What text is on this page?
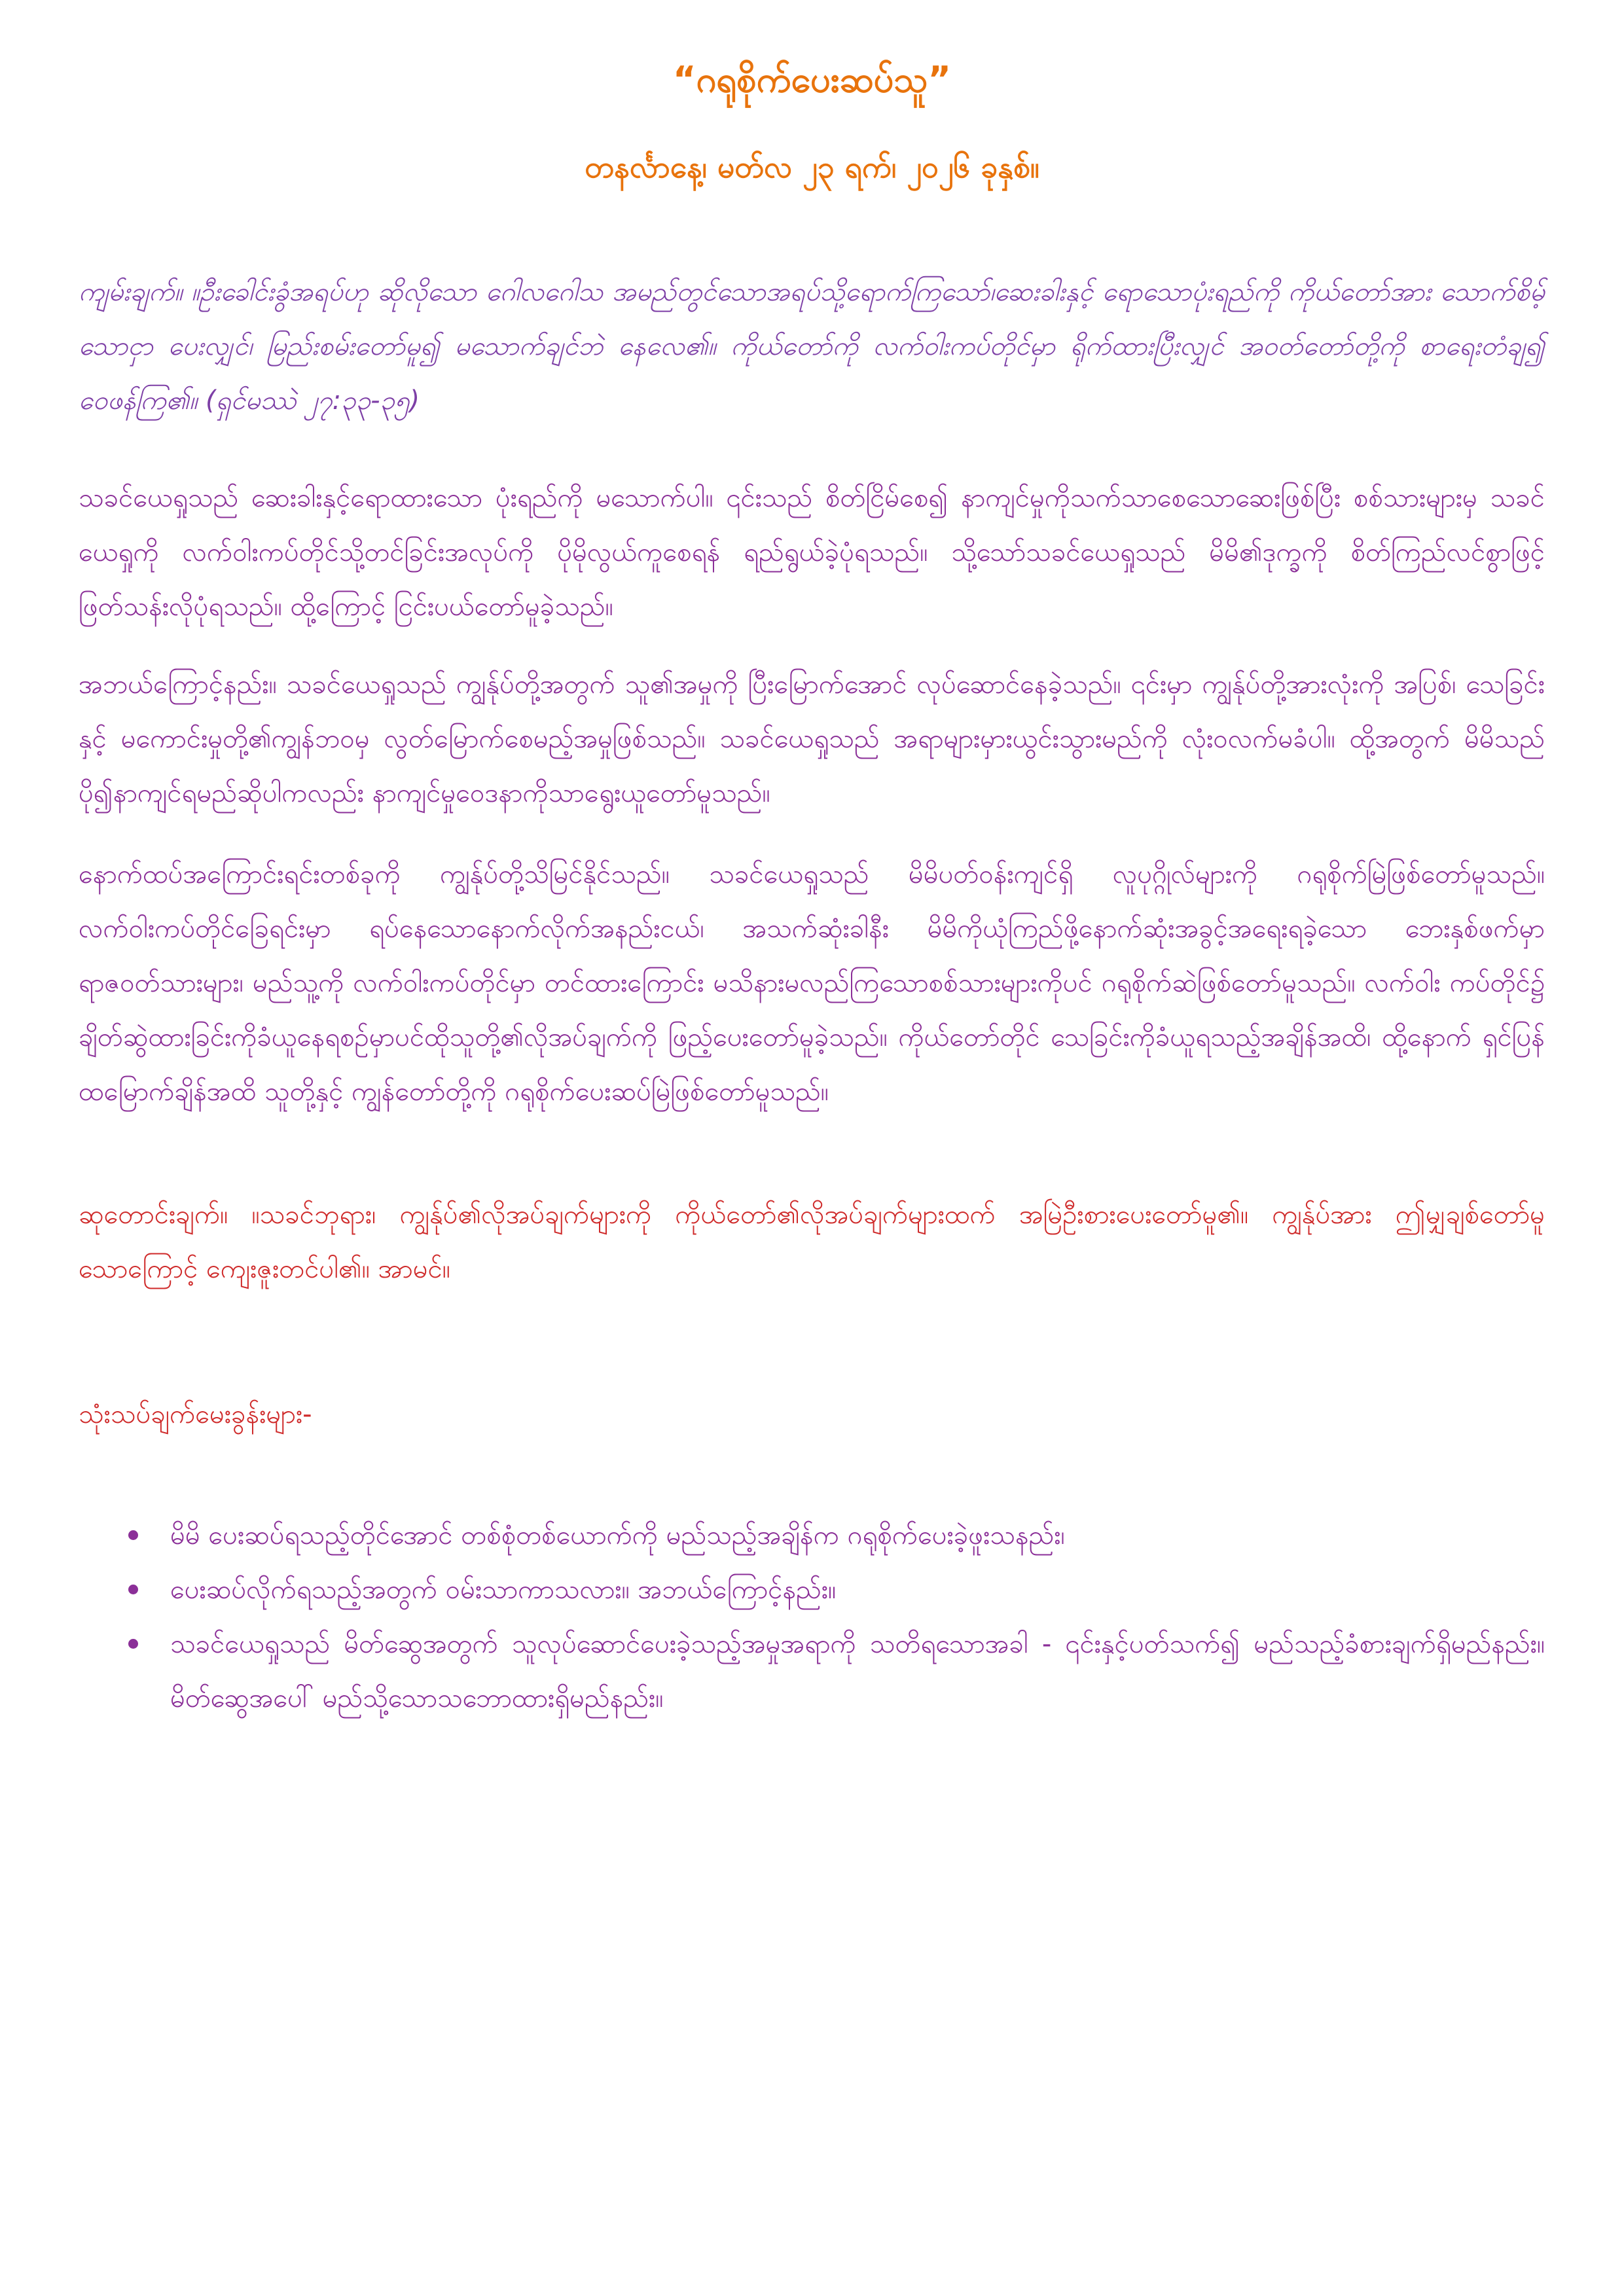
“ဂရုစိုက်ပေးဆပ်သူ”
တနင်္လာနေ့၊ မတ်လ ၂၃ ရက်၊ ၂၀၂၆ ခုနှစ်။

ကျမ်းချက်။ ။ဦးခေါင်းခွံအရပ်ဟု ဆိုလိုသော ဂေါလဂေါသ အမည်တွင်သောအရပ်သို့ရောက်ကြသော်၊ဆေးခါးနှင့် ရောသောပုံးရည်ကို ကိုယ်တော်အား သောက်စိမ့်သောငှာ ပေးလျှင်၊ မြည်းစမ်းတော်မူ၍ မသောက်ချင်ဘဲ နေလေ၏။ ကိုယ်တော်ကို လက်ဝါးကပ်တိုင်မှာ ရိုက်ထားပြီးလျှင် အဝတ်တော်တို့ကို စာရေးတံချ၍ ဝေဖန်ကြ၏။ (ရှင်မဿဲ ၂၇:၃၃-၃၅)

သခင်ယေရှုသည် ဆေးခါးနှင့်ရောထားသော ပုံးရည်ကို မသောက်ပါ။ ၎င်းသည် စိတ်ငြိမ်စေ၍ နာကျင်မှုကိုသက်သာစေသောဆေးဖြစ်ပြီး စစ်သားများမှ သခင်ယေရှုကို လက်ဝါးကပ်တိုင်သို့တင်ခြင်းအလုပ်ကို ပိုမိုလွယ်ကူစေရန် ရည်ရွယ်ခဲ့ပုံရသည်။ သို့သော်သခင်ယေရှုသည် မိမိ၏ဒုက္ခကို စိတ်ကြည်လင်စွာဖြင့် ဖြတ်သန်းလိုပုံရသည်။ ထို့ကြောင့် ငြင်းပယ်တော်မူခဲ့သည်။

အဘယ်ကြောင့်နည်း။ သခင်ယေရှုသည် ကျွန်ုပ်တို့အတွက် သူ၏အမှုကို ပြီးမြောက်အောင် လုပ်ဆောင်နေခဲ့သည်။ ၎င်းမှာ ကျွန်ုပ်တို့အားလုံးကို အပြစ်၊ သေခြင်းနှင့် မကောင်းမှုတို့၏ကျွန်ဘဝမှ လွတ်မြောက်စေမည့်အမှုဖြစ်သည်။ သခင်ယေရှုသည် အရာများမှားယွင်းသွားမည်ကို လုံးဝလက်မခံပါ။ ထို့အတွက် မိမိသည် ပို၍နာကျင်ရမည်ဆိုပါကလည်း နာကျင်မှုဝေဒနာကိုသာရွေးယူတော်မူသည်။

နောက်ထပ်အကြောင်းရင်းတစ်ခုကို ကျွန်ုပ်တို့သိမြင်နိုင်သည်။ သခင်ယေရှုသည် မိမိပတ်ဝန်းကျင်ရှိ လူပုဂ္ဂိုလ်များကို ဂရုစိုက်မြဲဖြစ်တော်မူသည်။ လက်ဝါးကပ်တိုင်ခြေရင်းမှာ ရပ်နေသောနောက်လိုက်အနည်းငယ်၊ အသက်ဆုံးခါနီး မိမိကိုယုံကြည်ဖို့နောက်ဆုံးအခွင့်အရေးရခဲ့သော ဘေးနှစ်ဖက်မှာ ရာဇဝတ်သားများ၊ မည်သူ့ကို လက်ဝါးကပ်တိုင်မှာ တင်ထားကြောင်း မသိနားမလည်ကြသောစစ်သားများကိုပင် ဂရုစိုက်ဆဲဖြစ်တော်မူသည်။ လက်ဝါး ကပ်တိုင်၌ ချိတ်ဆွဲထားခြင်းကိုခံယူနေရစဉ်မှာပင်ထိုသူတို့၏လိုအပ်ချက်ကို ဖြည့်ပေးတော်မူခဲ့သည်။ ကိုယ်တော်တိုင် သေခြင်းကိုခံယူရသည့်အချိန်အထိ၊ ထို့နောက် ရှင်ပြန်ထမြောက်ချိန်အထိ သူတို့နှင့် ကျွန်တော်တို့ကို ဂရုစိုက်ပေးဆပ်မြဲဖြစ်တော်မူသည်။

ဆုတောင်းချက်။ ။သခင်ဘုရား၊ ကျွန်ုပ်၏လိုအပ်ချက်များကို ကိုယ်တော်၏လိုအပ်ချက်များထက် အမြဲဦးစားပေးတော်မူ၏။ ကျွန်ုပ်အား ဤမျှချစ်တော်မူသောကြောင့် ကျေးဇူးတင်ပါ၏။ အာမင်။

သုံးသပ်ချက်မေးခွန်းများ-
မိမိ ပေးဆပ်ရသည့်တိုင်အောင် တစ်စုံတစ်ယောက်ကို မည်သည့်အချိန်က ဂရုစိုက်ပေးခဲ့ဖူးသနည်း၊
ပေးဆပ်လိုက်ရသည့်အတွက် ဝမ်းသာကာသလား။ အဘယ်ကြောင့်နည်း။
သခင်ယေရှုသည် မိတ်ဆွေအတွက် သူလုပ်ဆောင်ပေးခဲ့သည့်အမှုအရာကို သတိရသောအခါ - ၎င်းနှင့်ပတ်သက်၍ မည်သည့်ခံစားချက်ရှိမည်နည်း။ မိတ်ဆွေအပေါ် မည်သို့သောသဘောထားရှိမည်နည်း။
